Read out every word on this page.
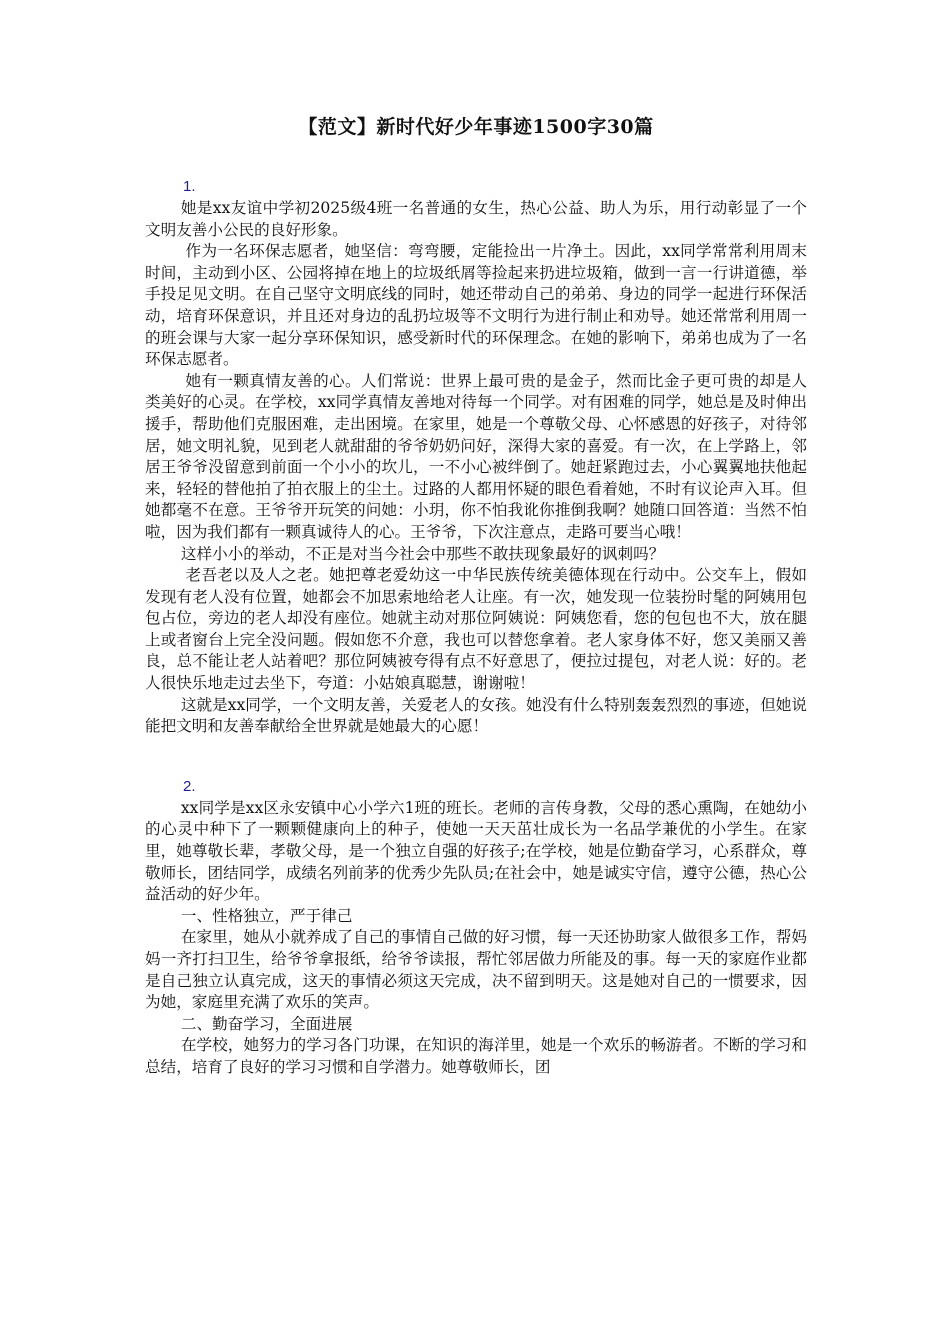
【范文】新时代好少年事迹1500字30篇

1.

她是xx友谊中学初2025级4班一名普通的女生，热心公益、助人为乐，用行动彰显了一个文明友善小公民的良好形象。

作为一名环保志愿者，她坚信：弯弯腰，定能捡出一片净土。因此，xx同学常常利用周末时间，主动到小区、公园将掉在地上的垃圾纸屑等捡起来扔进垃圾箱，做到一言一行讲道德，举手投足见文明。在自己坚守文明底线的同时，她还带动自己的弟弟、身边的同学一起进行环保活动，培育环保意识，并且还对身边的乱扔垃圾等不文明行为进行制止和劝导。她还常常利用周一的班会课与大家一起分享环保知识，感受新时代的环保理念。在她的影响下，弟弟也成为了一名环保志愿者。

她有一颗真情友善的心。人们常说：世界上最可贵的是金子，然而比金子更可贵的却是人类美好的心灵。在学校，xx同学真情友善地对待每一个同学。对有困难的同学，她总是及时伸出援手，帮助他们克服困难，走出困境。在家里，她是一个尊敬父母、心怀感恩的好孩子，对待邻居，她文明礼貌，见到老人就甜甜的爷爷奶奶问好，深得大家的喜爱。有一次，在上学路上，邻居王爷爷没留意到前面一个小小的坎儿，一不小心被绊倒了。她赶紧跑过去，小心翼翼地扶他起来，轻轻的替他拍了拍衣服上的尘土。过路的人都用怀疑的眼色看着她，不时有议论声入耳。但她都毫不在意。王爷爷开玩笑的问她：小玥，你不怕我讹你推倒我啊？她随口回答道：当然不怕啦，因为我们都有一颗真诚待人的心。王爷爷，下次注意点，走路可要当心哦！

这样小小的举动，不正是对当今社会中那些不敢扶现象最好的讽刺吗？

老吾老以及人之老。她把尊老爱幼这一中华民族传统美德体现在行动中。公交车上，假如发现有老人没有位置，她都会不加思索地给老人让座。有一次，她发现一位装扮时髦的阿姨用包包占位，旁边的老人却没有座位。她就主动对那位阿姨说：阿姨您看，您的包包也不大，放在腿上或者窗台上完全没问题。假如您不介意，我也可以替您拿着。老人家身体不好，您又美丽又善良，总不能让老人站着吧？那位阿姨被夸得有点不好意思了，便拉过提包，对老人说：好的。老人很快乐地走过去坐下，夸道：小姑娘真聪慧，谢谢啦！

这就是xx同学，一个文明友善，关爱老人的女孩。她没有什么特别轰轰烈烈的事迹，但她说能把文明和友善奉献给全世界就是她最大的心愿！

2.

xx同学是xx区永安镇中心小学六1班的班长。老师的言传身教，父母的悉心熏陶，在她幼小的心灵中种下了一颗颗健康向上的种子，使她一天天茁壮成长为一名品学兼优的小学生。在家里，她尊敬长辈，孝敬父母，是一个独立自强的好孩子;在学校，她是位勤奋学习，心系群众，尊敬师长，团结同学，成绩名列前茅的优秀少先队员;在社会中，她是诚实守信，遵守公德，热心公益活动的好少年。

一、性格独立，严于律己

在家里，她从小就养成了自己的事情自己做的好习惯，每一天还协助家人做很多工作，帮妈妈一齐打扫卫生，给爷爷拿报纸，给爷爷读报，帮忙邻居做力所能及的事。每一天的家庭作业都是自己独立认真完成，这天的事情必须这天完成，决不留到明天。这是她对自己的一惯要求，因为她，家庭里充满了欢乐的笑声。

二、勤奋学习，全面进展

在学校，她努力的学习各门功课，在知识的海洋里，她是一个欢乐的畅游者。不断的学习和总结，培育了良好的学习习惯和自学潜力。她尊敬师长，团
